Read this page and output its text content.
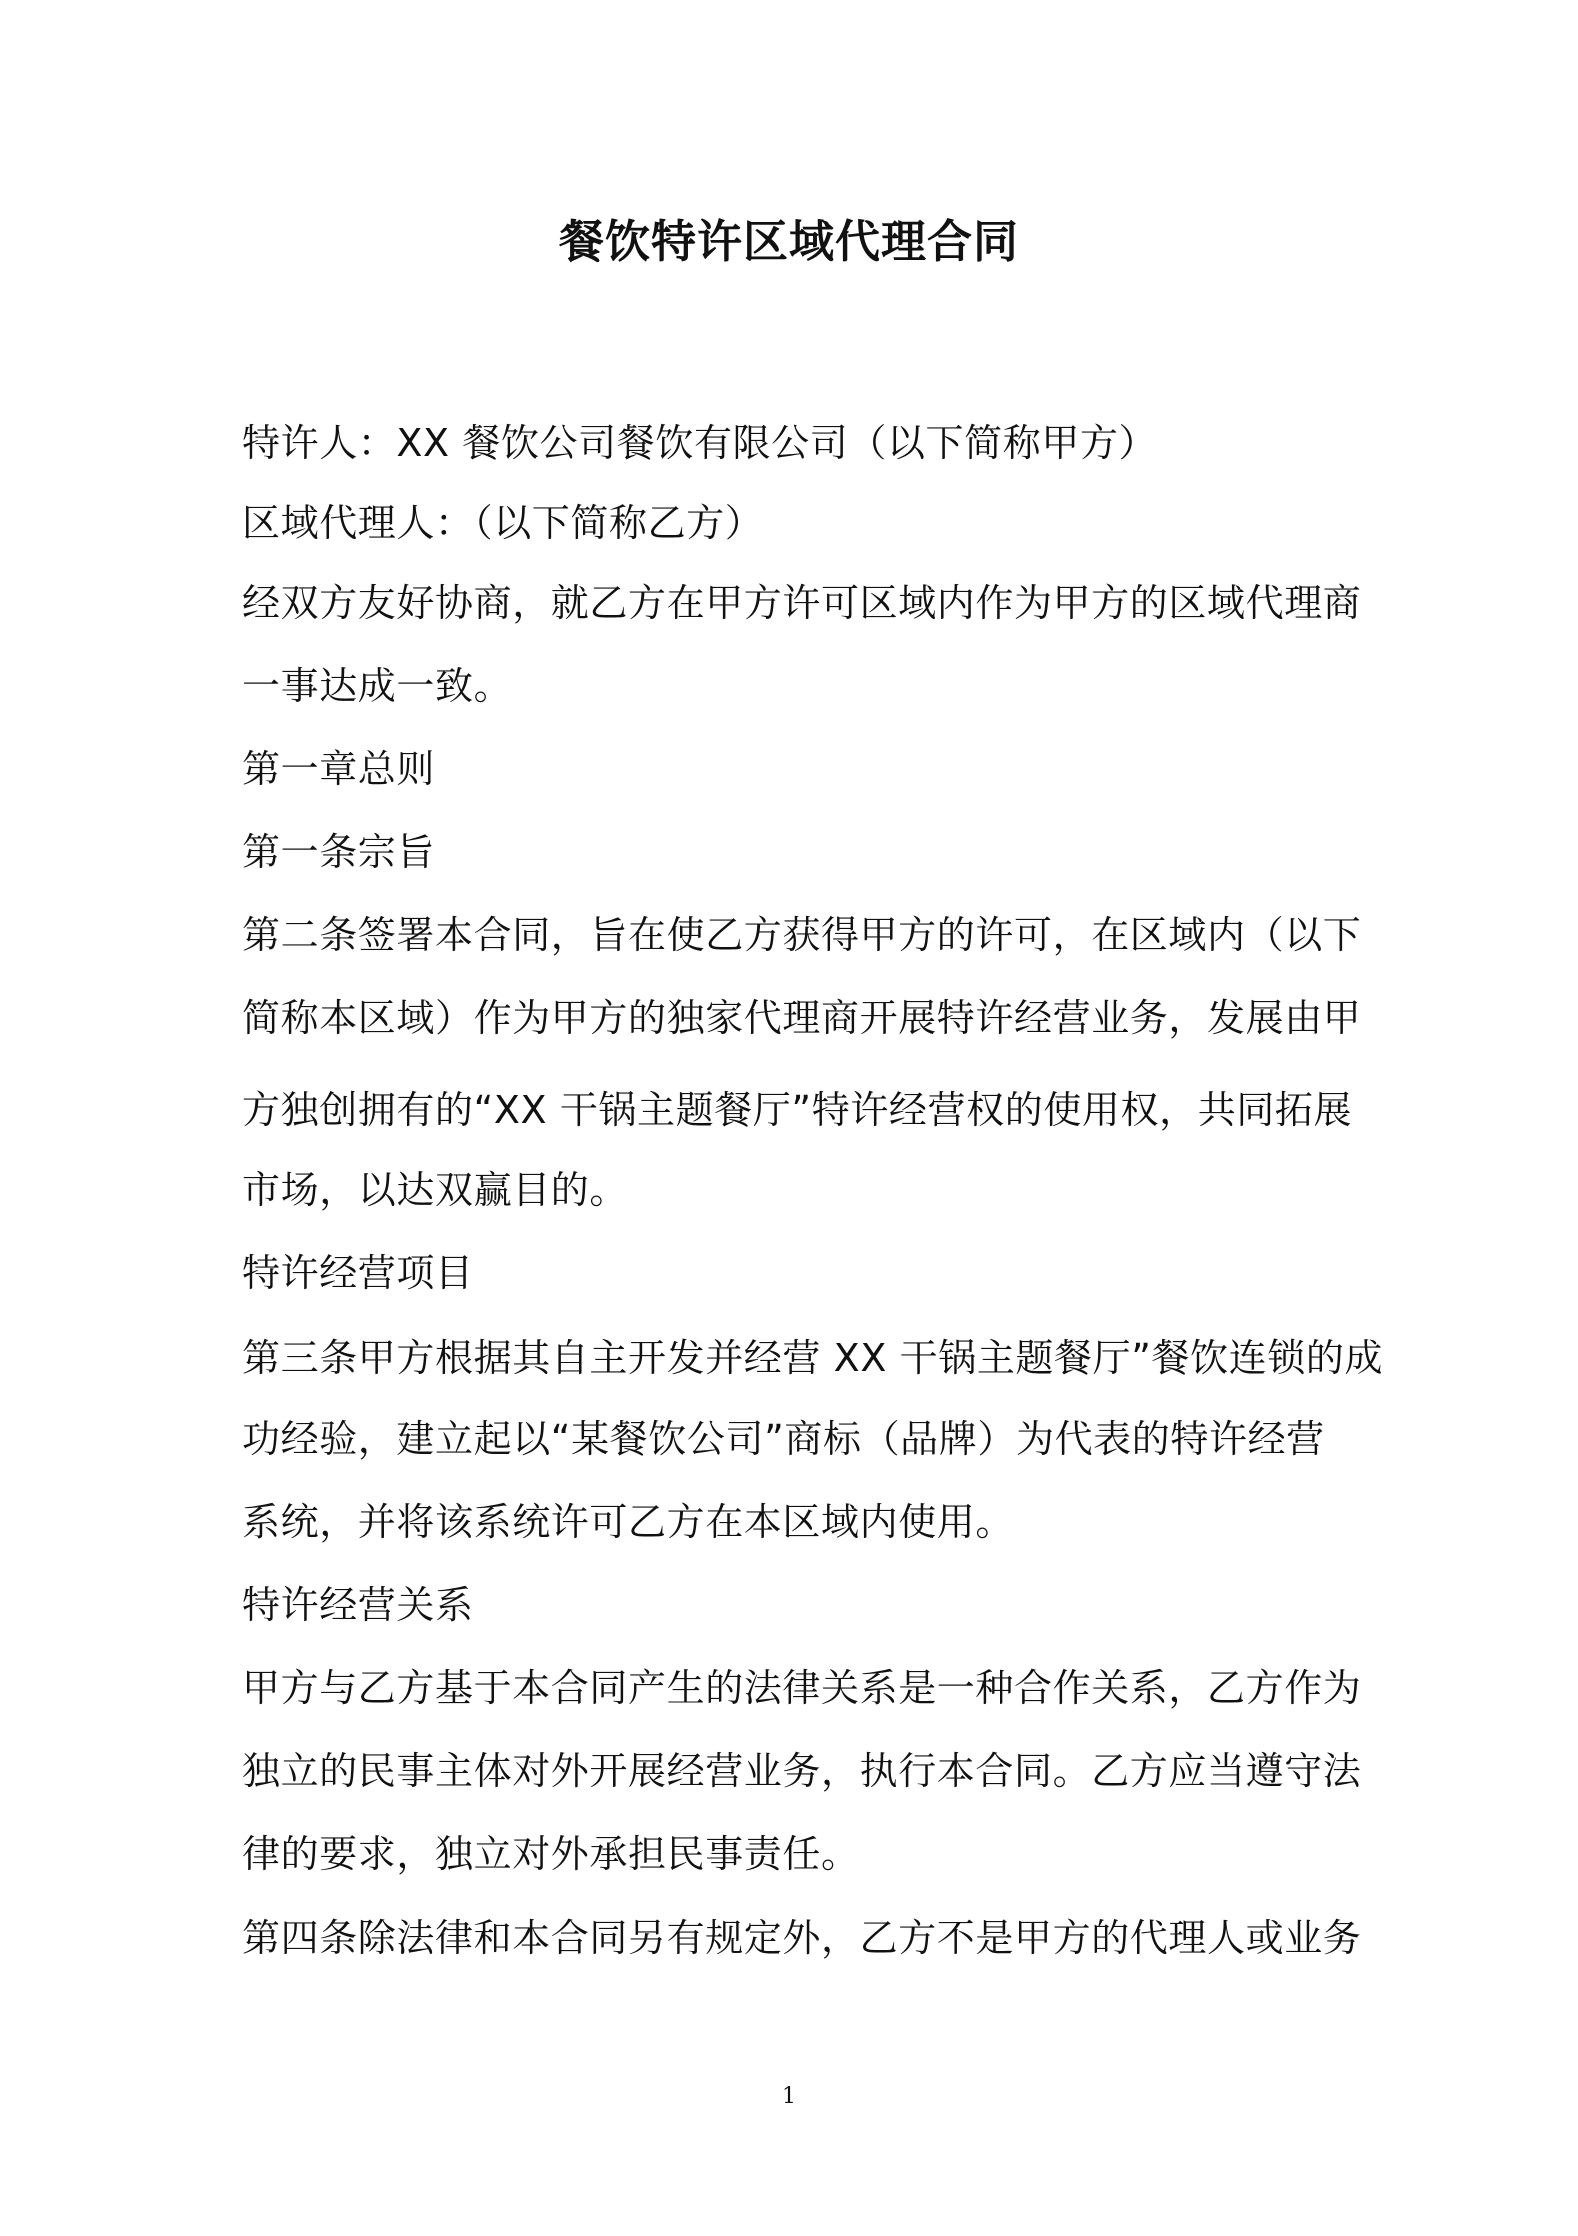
餐饮特许区域代理合同

特许人：XX 餐饮公司餐饮有限公司（以下简称甲方）

区域代理人：（以下简称乙方）

经双方友好协商，就乙方在甲方许可区域内作为甲方的区域代理商

一事达成一致。

第一章总则

第一条宗旨

第二条签署本合同，旨在使乙方获得甲方的许可，在区域内（以下

简称本区域）作为甲方的独家代理商开展特许经营业务，发展由甲

方独创拥有的“XX 干锅主题餐厅”特许经营权的使用权，共同拓展

市场，以达双赢目的。

特许经营项目

第三条甲方根据其自主开发并经营 XX 干锅主题餐厅”餐饮连锁的成

功经验，建立起以“某餐饮公司”商标（品牌）为代表的特许经营

系统，并将该系统许可乙方在本区域内使用。

特许经营关系

甲方与乙方基于本合同产生的法律关系是一种合作关系，乙方作为

独立的民事主体对外开展经营业务，执行本合同。乙方应当遵守法

律的要求，独立对外承担民事责任。

第四条除法律和本合同另有规定外，乙方不是甲方的代理人或业务

1
